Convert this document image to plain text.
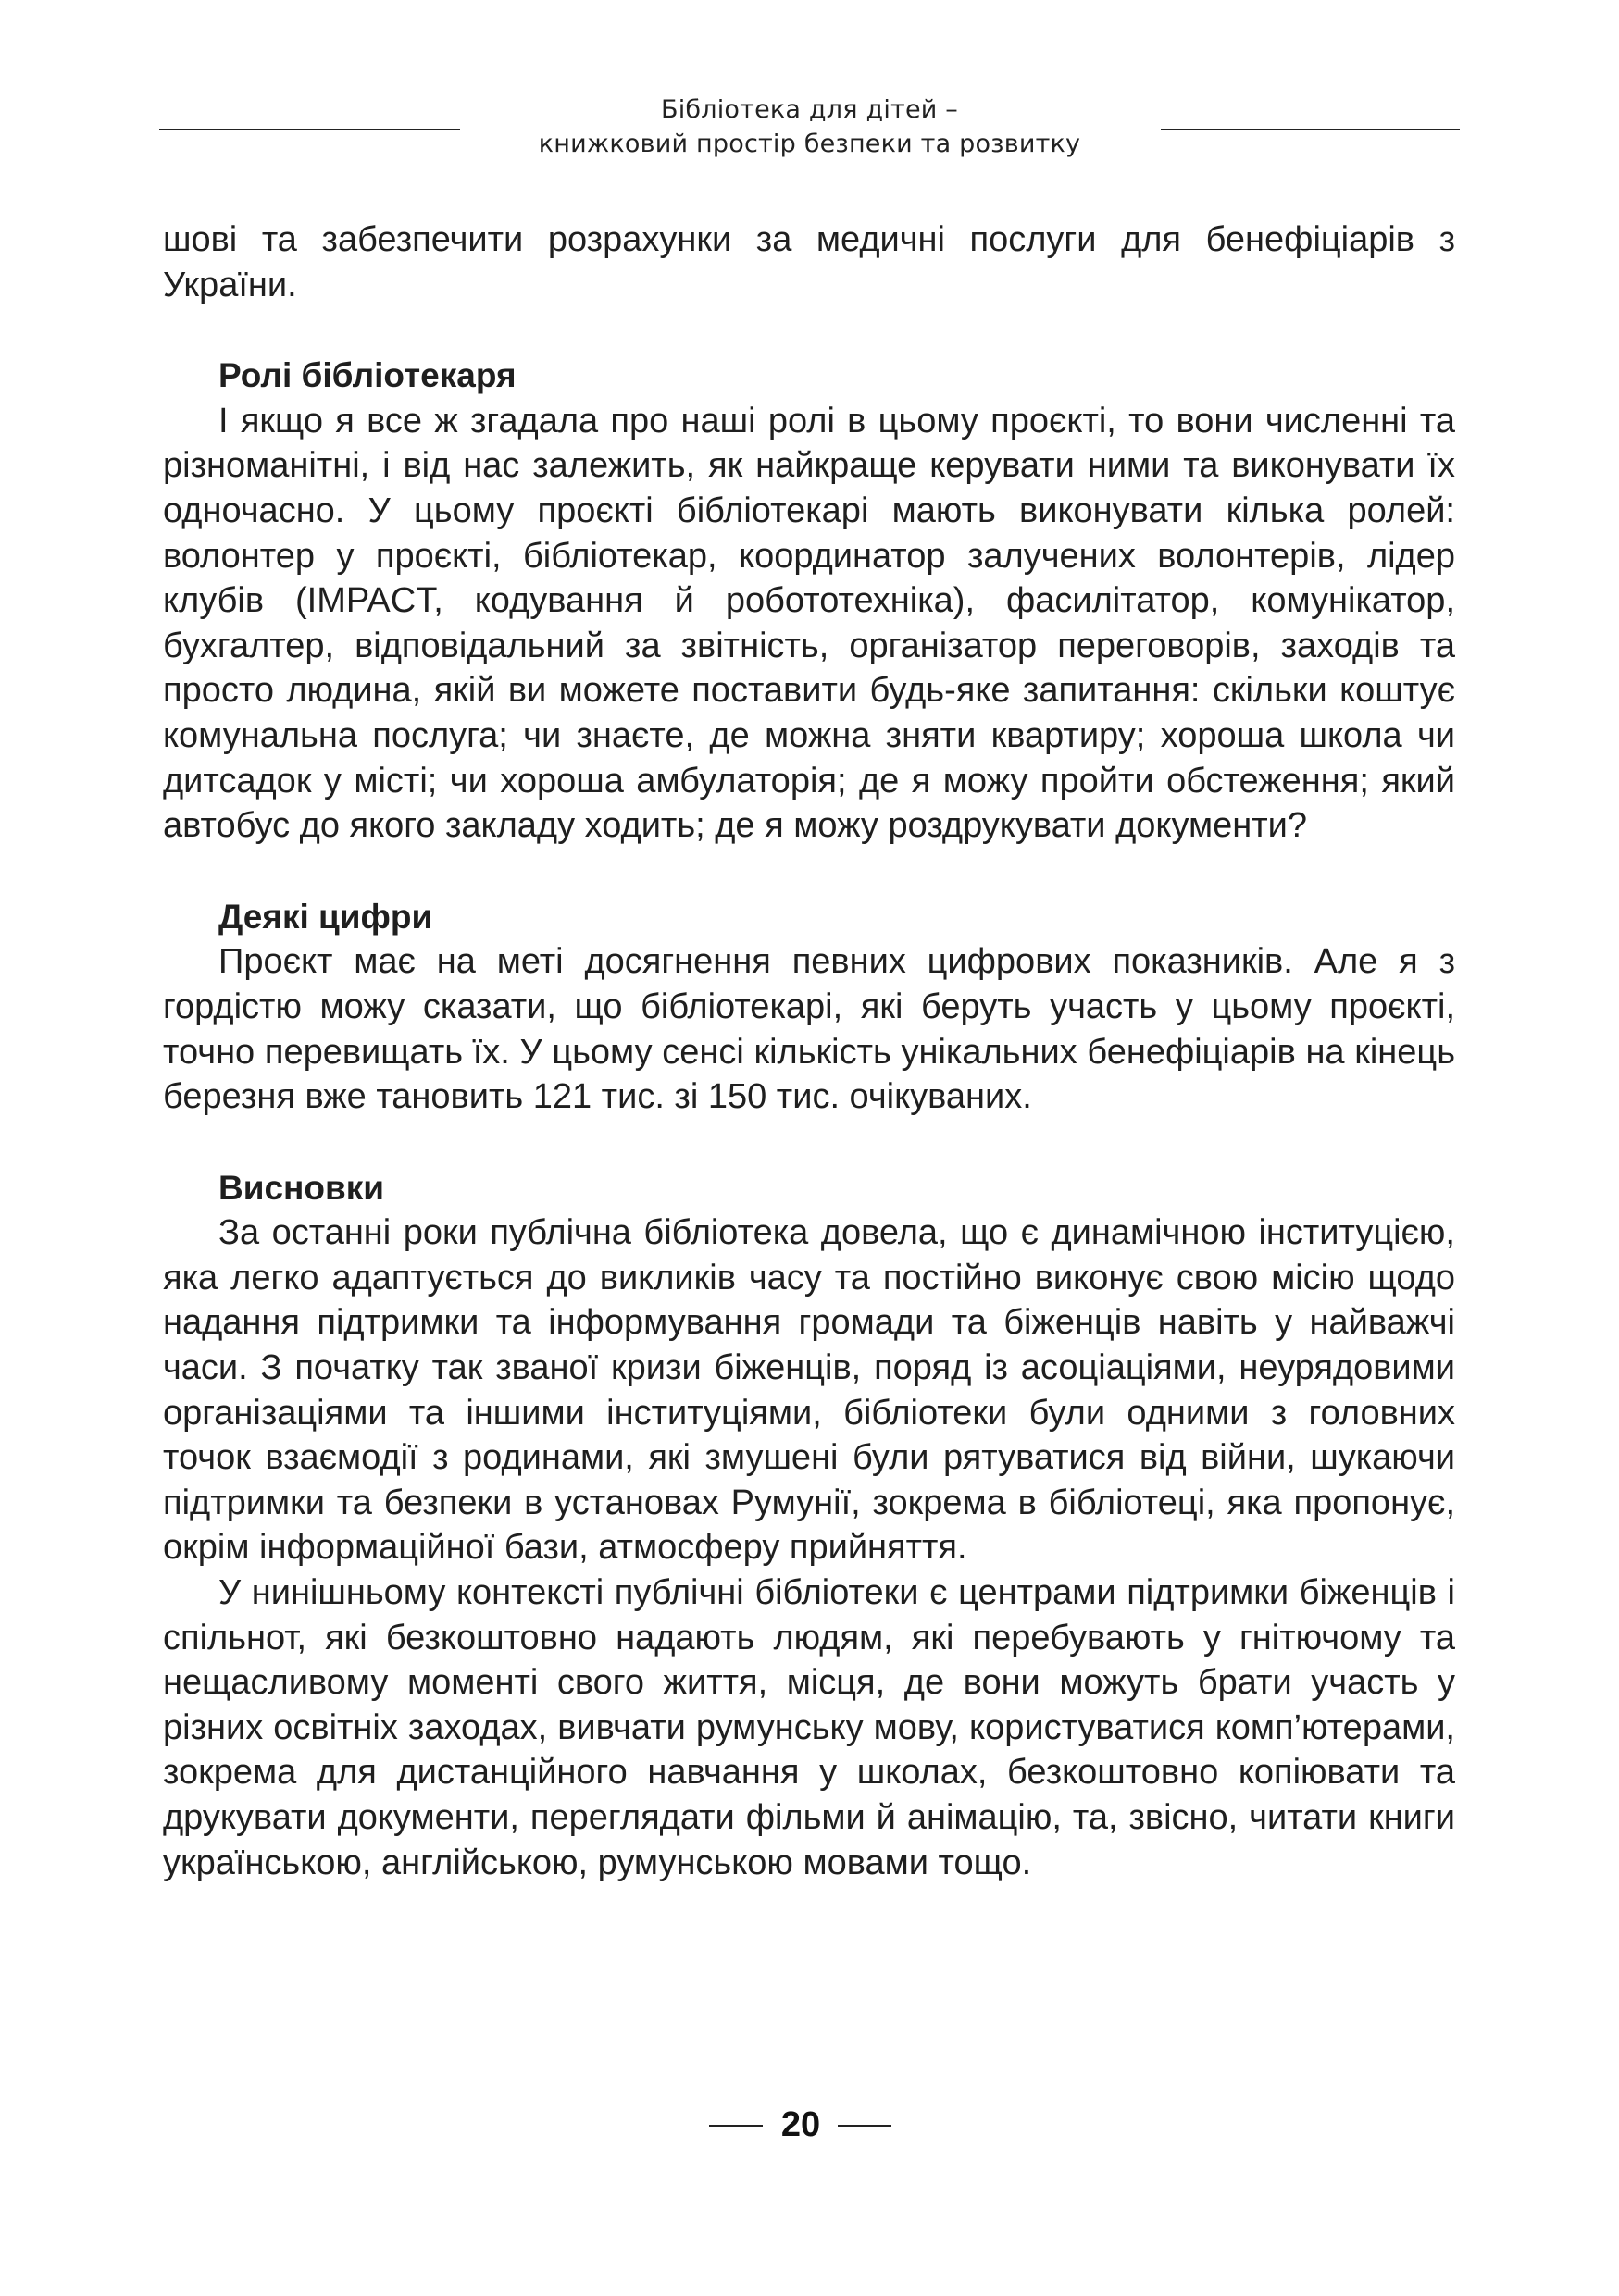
Бібліотека для дітей –
книжковий простір безпеки та розвитку

шові та забезпечити розрахунки за медичні послуги для бенефіціарів з України.

Ролі бібліотекаря

І якщо я все ж згадала про наші ролі в цьому проєкті, то вони численні та різноманітні, і від нас залежить, як найкраще керувати ними та виконувати їх одночасно. У цьому проєкті бібліотекарі мають виконувати кілька ролей: волонтер у проєкті, бібліотекар, координатор залучених волонтерів, лідер клубів (IMPACT, кодування й робототехніка), фасилітатор, комунікатор, бухгалтер, відповідальний за звітність, організатор переговорів, заходів та просто людина, якій ви можете поставити будь-яке запитання: скільки коштує комунальна послуга; чи знаєте, де можна зняти квартиру; хороша школа чи дитсадок у місті; чи хороша амбулаторія; де я можу пройти обстеження; який автобус до якого закладу ходить; де я можу роздрукувати документи?

Деякі цифри

Проєкт має на меті досягнення певних цифрових показників. Але я з гордістю можу сказати, що бібліотекарі, які беруть участь у цьому проєкті, точно перевищать їх. У цьому сенсі кількість унікальних бенефіціарів на кінець березня вже тановить 121 тис. зі 150 тис. очікуваних.

Висновки

За останні роки публічна бібліотека довела, що є динамічною інституцією, яка легко адаптується до викликів часу та постійно виконує свою місію щодо надання підтримки та інформування громади та біженців навіть у найважчі часи. З початку так званої кризи біженців, поряд із асоціаціями, неурядовими організаціями та іншими інституціями, бібліотеки були одними з головних точок взаємодії з родинами, які змушені були рятуватися від війни, шукаючи підтримки та безпеки в установах Румунії, зокрема в бібліотеці, яка пропонує, окрім інформаційної бази, атмосферу прийняття.

У нинішньому контексті публічні бібліотеки є центрами підтримки біженців і спільнот, які безкоштовно надають людям, які перебувають у гнітючому та нещасливому моменті свого життя, місця, де вони можуть брати участь у різних освітніх заходах, вивчати румунську мову, користуватися комп’ютерами, зокрема для дистанційного навчання у школах, безкоштовно копіювати та друкувати документи, переглядати фільми й анімацію, та, звісно, читати книги українською, англійською, румунською мовами тощо.

20
